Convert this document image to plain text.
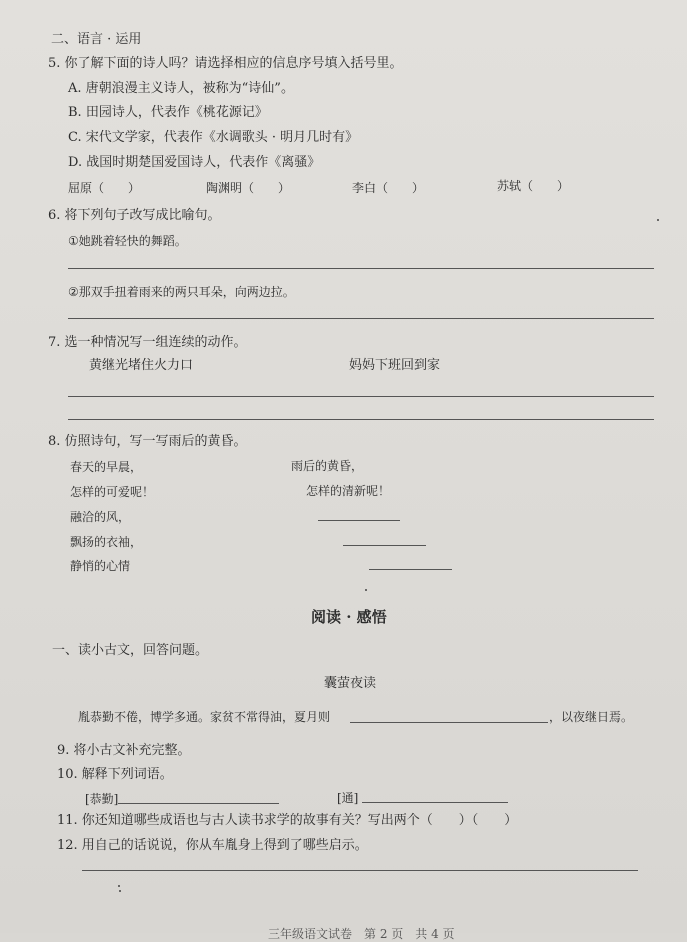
二、语言 · 运用
5. 你了解下面的诗人吗？请选择相应的信息序号填入括号里。
A. 唐朝浪漫主义诗人，被称为“诗仙”。
B. 田园诗人，代表作《桃花源记》
C. 宋代文学家，代表作《水调歌头 · 明月几时有》
D. 战国时期楚国爱国诗人，代表作《离骚》
屈原（　　）	陶渊明（　　）	李白（　　）	苏轼（　　）
6. 将下列句子改写成比喻句。
①她跳着轻快的舞蹈。
②那双手扭着雨来的两只耳朵，向两边拉。
7. 选一种情况写一组连续的动作。
黄继光堵住火力口	妈妈下班回到家
8. 仿照诗句，写一写雨后的黄昏。
春天的早晨，
怎样的可爱呢！
融洽的风，
飘扬的衣袖，
静悄的心情
雨后的黄昏，
怎样的清新呢！
阅读 · 感悟
一、读小古文，回答问题。
囊萤夜读
胤恭勤不倦，博学多通。家贫不常得油，夏月则	，以夜继日焉。
9. 将小古文补充完整。
10. 解释下列词语。
[恭勤]	[通]
11. 你还知道哪些成语也与古人读书求学的故事有关？写出两个（　　）（　　）
12. 用自己的话说说，你从车胤身上得到了哪些启示。
三年级语文试卷　第 2 页　共 4 页
